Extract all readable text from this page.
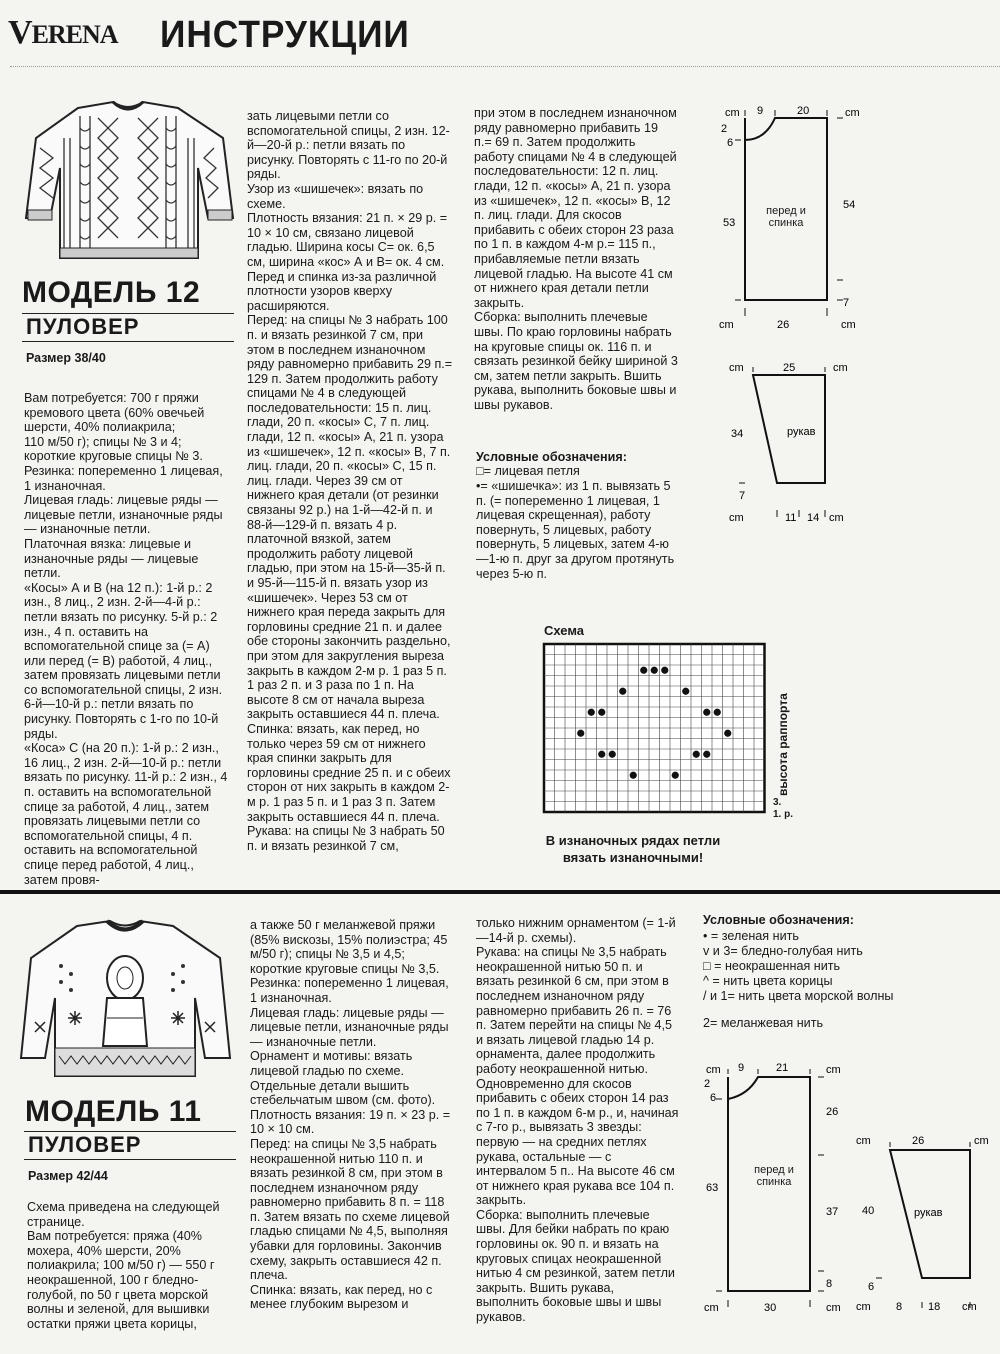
VERENA ИНСТРУКЦИИ
МОДЕЛЬ 12
ПУЛОВЕР
Размер 38/40
Вам потребуется: 700 г пряжи
кремового цвета (60% овечьей шерсти, 40% полиакрила;
110 м/50 г); спицы № 3 и 4; короткие круговые спицы № 3.
Резинка: попеременно 1 лицевая, 1 изнаночная.
Лицевая гладь: лицевые ряды — лицевые петли, изнаночные ряды — изнаночные петли.
Платочная вязка: лицевые и изнаночные ряды — лицевые петли.
«Косы» А и В (на 12 п.): 1-й р.: 2 изн., 8 лиц., 2 изн. 2-й—4-й р.: петли вязать по рисунку. 5-й р.: 2 изн., 4 п. оставить на вспомогательной спице за (= А) или перед (= В) работой, 4 лиц., затем провязать лицевыми петли со вспомогательной спицы, 2 изн.
6-й—10-й р.: петли вязать по рисунку. Повторять с 1-го по 10-й ряды.
«Коса» С (на 20 п.): 1-й р.: 2 изн., 16 лиц., 2 изн. 2-й—10-й р.: петли вязать по рисунку. 11-й р.: 2 изн., 4 п. оставить на вспомогательной спице за работой, 4 лиц., затем провязать лицевыми петли со вспомогательной спицы, 4 п. оставить на вспомогательной спице перед работой, 4 лиц., затем провя-
зать лицевыми петли со вспомогательной спицы, 2 изн. 12-й—20-й р.: петли вязать по рисунку. Повторять с 11-го по 20-й ряды.
Узор из «шишечек»: вязать по схеме.
Плотность вязания: 21 п. × 29 р. = 10 × 10 см, связано лицевой гладью. Ширина косы С= ок. 6,5 см, ширина «кос» А и В= ок. 4 см.
Перед и спинка из-за различной плотности узоров кверху расширяются.
Перед: на спицы № 3 набрать 100 п. и вязать резинкой 7 см, при этом в последнем изнаночном ряду равномерно прибавить 29 п.= 129 п. Затем продолжить работу спицами № 4 в следующей последовательности: 15 п. лиц. глади, 20 п. «косы» С, 7 п. лиц. глади, 12 п. «косы» А, 21 п. узора из «шишечек», 12 п. «косы» В, 7 п. лиц. глади, 20 п. «косы» С, 15 п. лиц. глади. Через 39 см от нижнего края детали (от резинки связаны 92 р.) на 1-й—42-й п. и 88-й—129-й п. вязать 4 р. платочной вязкой, затем продолжить работу лицевой гладью, при этом на 15-й—35-й п. и 95-й—115-й п. вязать узор из «шишечек». Через 53 см от нижнего края переда закрыть для горловины средние 21 п. и далее обе стороны закончить раздельно, при этом для закругления выреза закрыть в каждом 2-м р. 1 раз 5 п. 1 раз 2 п. и 3 раза по 1 п. На высоте 8 см от начала выреза закрыть оставшиеся 44 п. плеча.
Спинка: вязать, как перед, но только через 59 см от нижнего края спинки закрыть для горловины средние 25 п. и с обеих сторон от них закрыть в каждом 2-м р. 1 раз 5 п. и 1 раз 3 п. Затем закрыть оставшиеся 44 п. плеча.
Рукава: на спицы № 3 набрать 50 п. и вязать резинкой 7 см,
при этом в последнем изнаночном ряду равномерно прибавить 19 п.= 69 п. Затем продолжить работу спицами № 4 в следующей последовательности: 12 п. лиц. глади, 12 п. «косы» А, 21 п. узора из «шишечек», 12 п. «косы» В, 12 п. лиц. глади. Для скосов прибавить с обеих сторон 23 раза по 1 п. в каждом 4-м р.= 115 п., прибавляемые петли вязать лицевой гладью. На высоте 41 см от нижнего края детали петли закрыть.
Сборка: выполнить плечевые швы. По краю горловины набрать на круговые спицы ок. 116 п. и связать резинкой бейку шириной 3 см, затем петли закрыть. Вшить рукава, выполнить боковые швы и швы рукавов.
Условные обозначения:
□= лицевая петля
•= «шишечка»: из 1 п. вывязать 5 п. (= попеременно 1 лицевая, 1 лицевая скрещенная), работу повернуть, 5 лицевых, работу повернуть, 5 лицевых, затем 4-ю—1-ю п. друг за другом протянуть через 5-ю п.
Схема
высота раппорта
3.
1. р.
В изнаночных рядах петли вязать изнаночными!
cm 9	20	cm
2
6
53
54
7
26
cm	cm
перед и спинка
cm	25	cm
34
7
cm	11 14 cm
рукав
МОДЕЛЬ 11
ПУЛОВЕР
Размер 42/44
Схема приведена на следующей странице.
Вам потребуется: пряжа (40% мохера, 40% шерсти, 20% полиакрила; 100 м/50 г) — 550 г неокрашенной, 100 г бледно-голубой, по 50 г цвета морской волны и зеленой, для вышивки остатки пряжи цвета корицы,
а также 50 г меланжевой пряжи (85% вискозы, 15% полиэстра; 45 м/50 г); спицы № 3,5 и 4,5; короткие круговые спицы № 3,5.
Резинка: попеременно 1 лицевая, 1 изнаночная.
Лицевая гладь: лицевые ряды — лицевые петли, изнаночные ряды — изнаночные петли.
Орнамент и мотивы: вязать лицевой гладью по схеме. Отдельные детали вышить стебельчатым швом (см. фото).
Плотность вязания: 19 п. × 23 р. = 10 × 10 см.
Перед: на спицы № 3,5 набрать неокрашенной нитью 110 п. и вязать резинкой 8 см, при этом в последнем изнаночном ряду равномерно прибавить 8 п. = 118 п. Затем вязать по схеме лицевой гладью спицами № 4,5, выполняя убавки для горловины. Закончив схему, закрыть оставшиеся 42 п. плеча.
Спинка: вязать, как перед, но с менее глубоким вырезом и
только нижним орнаментом (= 1-й—14-й р. схемы).
Рукава: на спицы № 3,5 набрать неокрашенной нитью 50 п. и вязать резинкой 6 см, при этом в последнем изнаночном ряду равномерно прибавить 26 п. = 76 п. Затем перейти на спицы № 4,5 и вязать лицевой гладью 14 р. орнамента, далее продолжить работу неокрашенной нитью. Одновременно для скосов прибавить с обеих сторон 14 раз по 1 п. в каждом 6-м р., и, начиная с 7-го р., вывязать 3 звезды: первую — на средних петлях рукава, остальные — с интервалом 5 п.. На высоте 46 см от нижнего края рукава все 104 п. закрыть.
Сборка: выполнить плечевые швы. Для бейки набрать по краю горловины ок. 90 п. и вязать на круговых спицах неокрашенной нитью 4 см резинкой, затем петли закрыть. Вшить рукава, выполнить боковые швы и швы рукавов.
Условные обозначения:
• = зеленая нить
v и 3= бледно-голубая нить
□ = неокрашенная нить
^ = нить цвета корицы
/ и 1= нить цвета морской волны
2= меланжевая нить
cm 9	21	cm
2
6
63
26
37
8
cm	30	cm
перед и спинка
cm	26	cm
40
6
cm 8 18 cm
рукав
